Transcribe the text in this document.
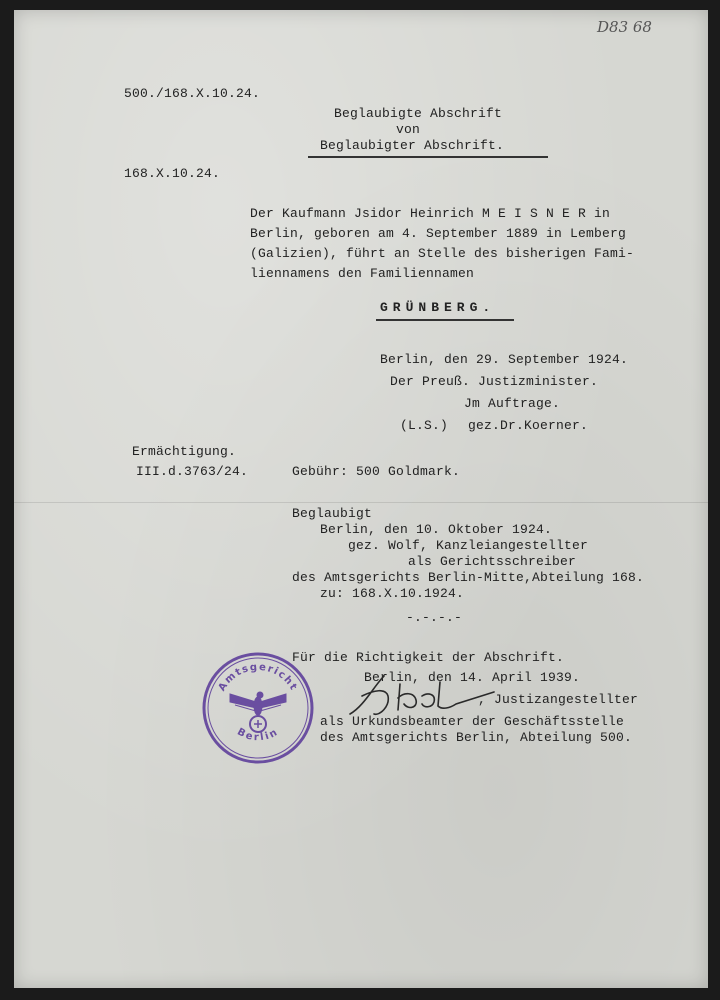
D83 68

500./168.X.10.24.

Beglaubigte Abschrift

von

Beglaubigter Abschrift.

168.X.10.24.

Der Kaufmann Jsidor Heinrich M E I S N E R in

Berlin, geboren am 4. September 1889 in Lemberg

(Galizien), führt an Stelle des bisherigen Fami-

liennamens den Familiennamen

GRÜNBERG.

Berlin, den 29. September 1924.

Der Preuß. Justizminister.

Jm Auftrage.

(L.S.) gez.Dr.Koerner.

Ermächtigung.

III.d.3763/24.	Gebühr: 500 Goldmark.

Beglaubigt

Berlin, den 10. Oktober 1924.

gez. Wolf, Kanzleiangestellter

als Gerichtsschreiber

des Amtsgerichts Berlin-Mitte,Abteilung 168.

zu: 168.X.10.1924.

-.-.-.-

Für die Richtigkeit der Abschrift.

Berlin, den 14. April 1939.

, Justizangestellter

als Urkundsbeamter der Geschäftsstelle

des Amtsgerichts Berlin, Abteilung 500.

Amtsgericht
Berlin
